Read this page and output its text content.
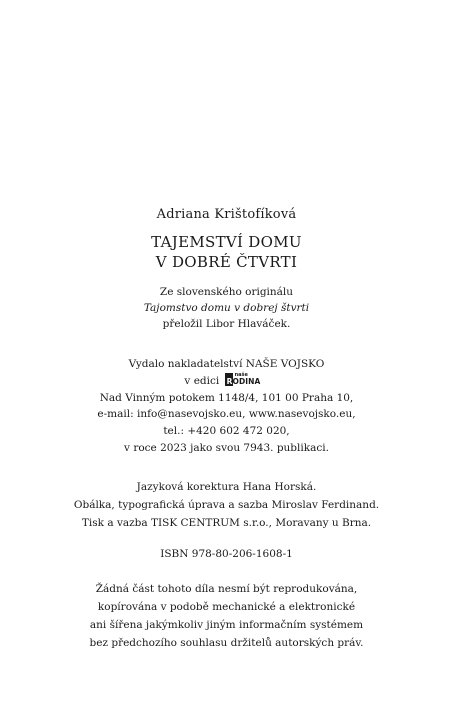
Adriana Krištofíková
TAJEMSTVÍ DOMU
V DOBRÉ ČTVRTI
Ze slovenského originálu
Tajomstvo domu v dobrej štvrti
přeložil Libor Hlaváček.
Vydalo nakladatelství NAŠE VOJSKO
v edici	naše
RODINA
Nad Vinným potokem 1148/4, 101 00 Praha 10,
e-mail: info@nasevojsko.eu, www.nasevojsko.eu,
tel.: +420 602 472 020,
v roce 2023 jako svou 7943. publikaci.
Jazyková korektura Hana Horská.
Obálka, typografická úprava a sazba Miroslav Ferdinand.
Tisk a vazba TISK CENTRUM s.r.o., Moravany u Brna.
ISBN 978-80-206-1608-1
Žádná část tohoto díla nesmí být reprodukována,
kopírována v podobě mechanické a elektronické
ani šířena jakýmkoliv jiným informačním systémem
bez předchozího souhlasu držitelů autorských práv.
